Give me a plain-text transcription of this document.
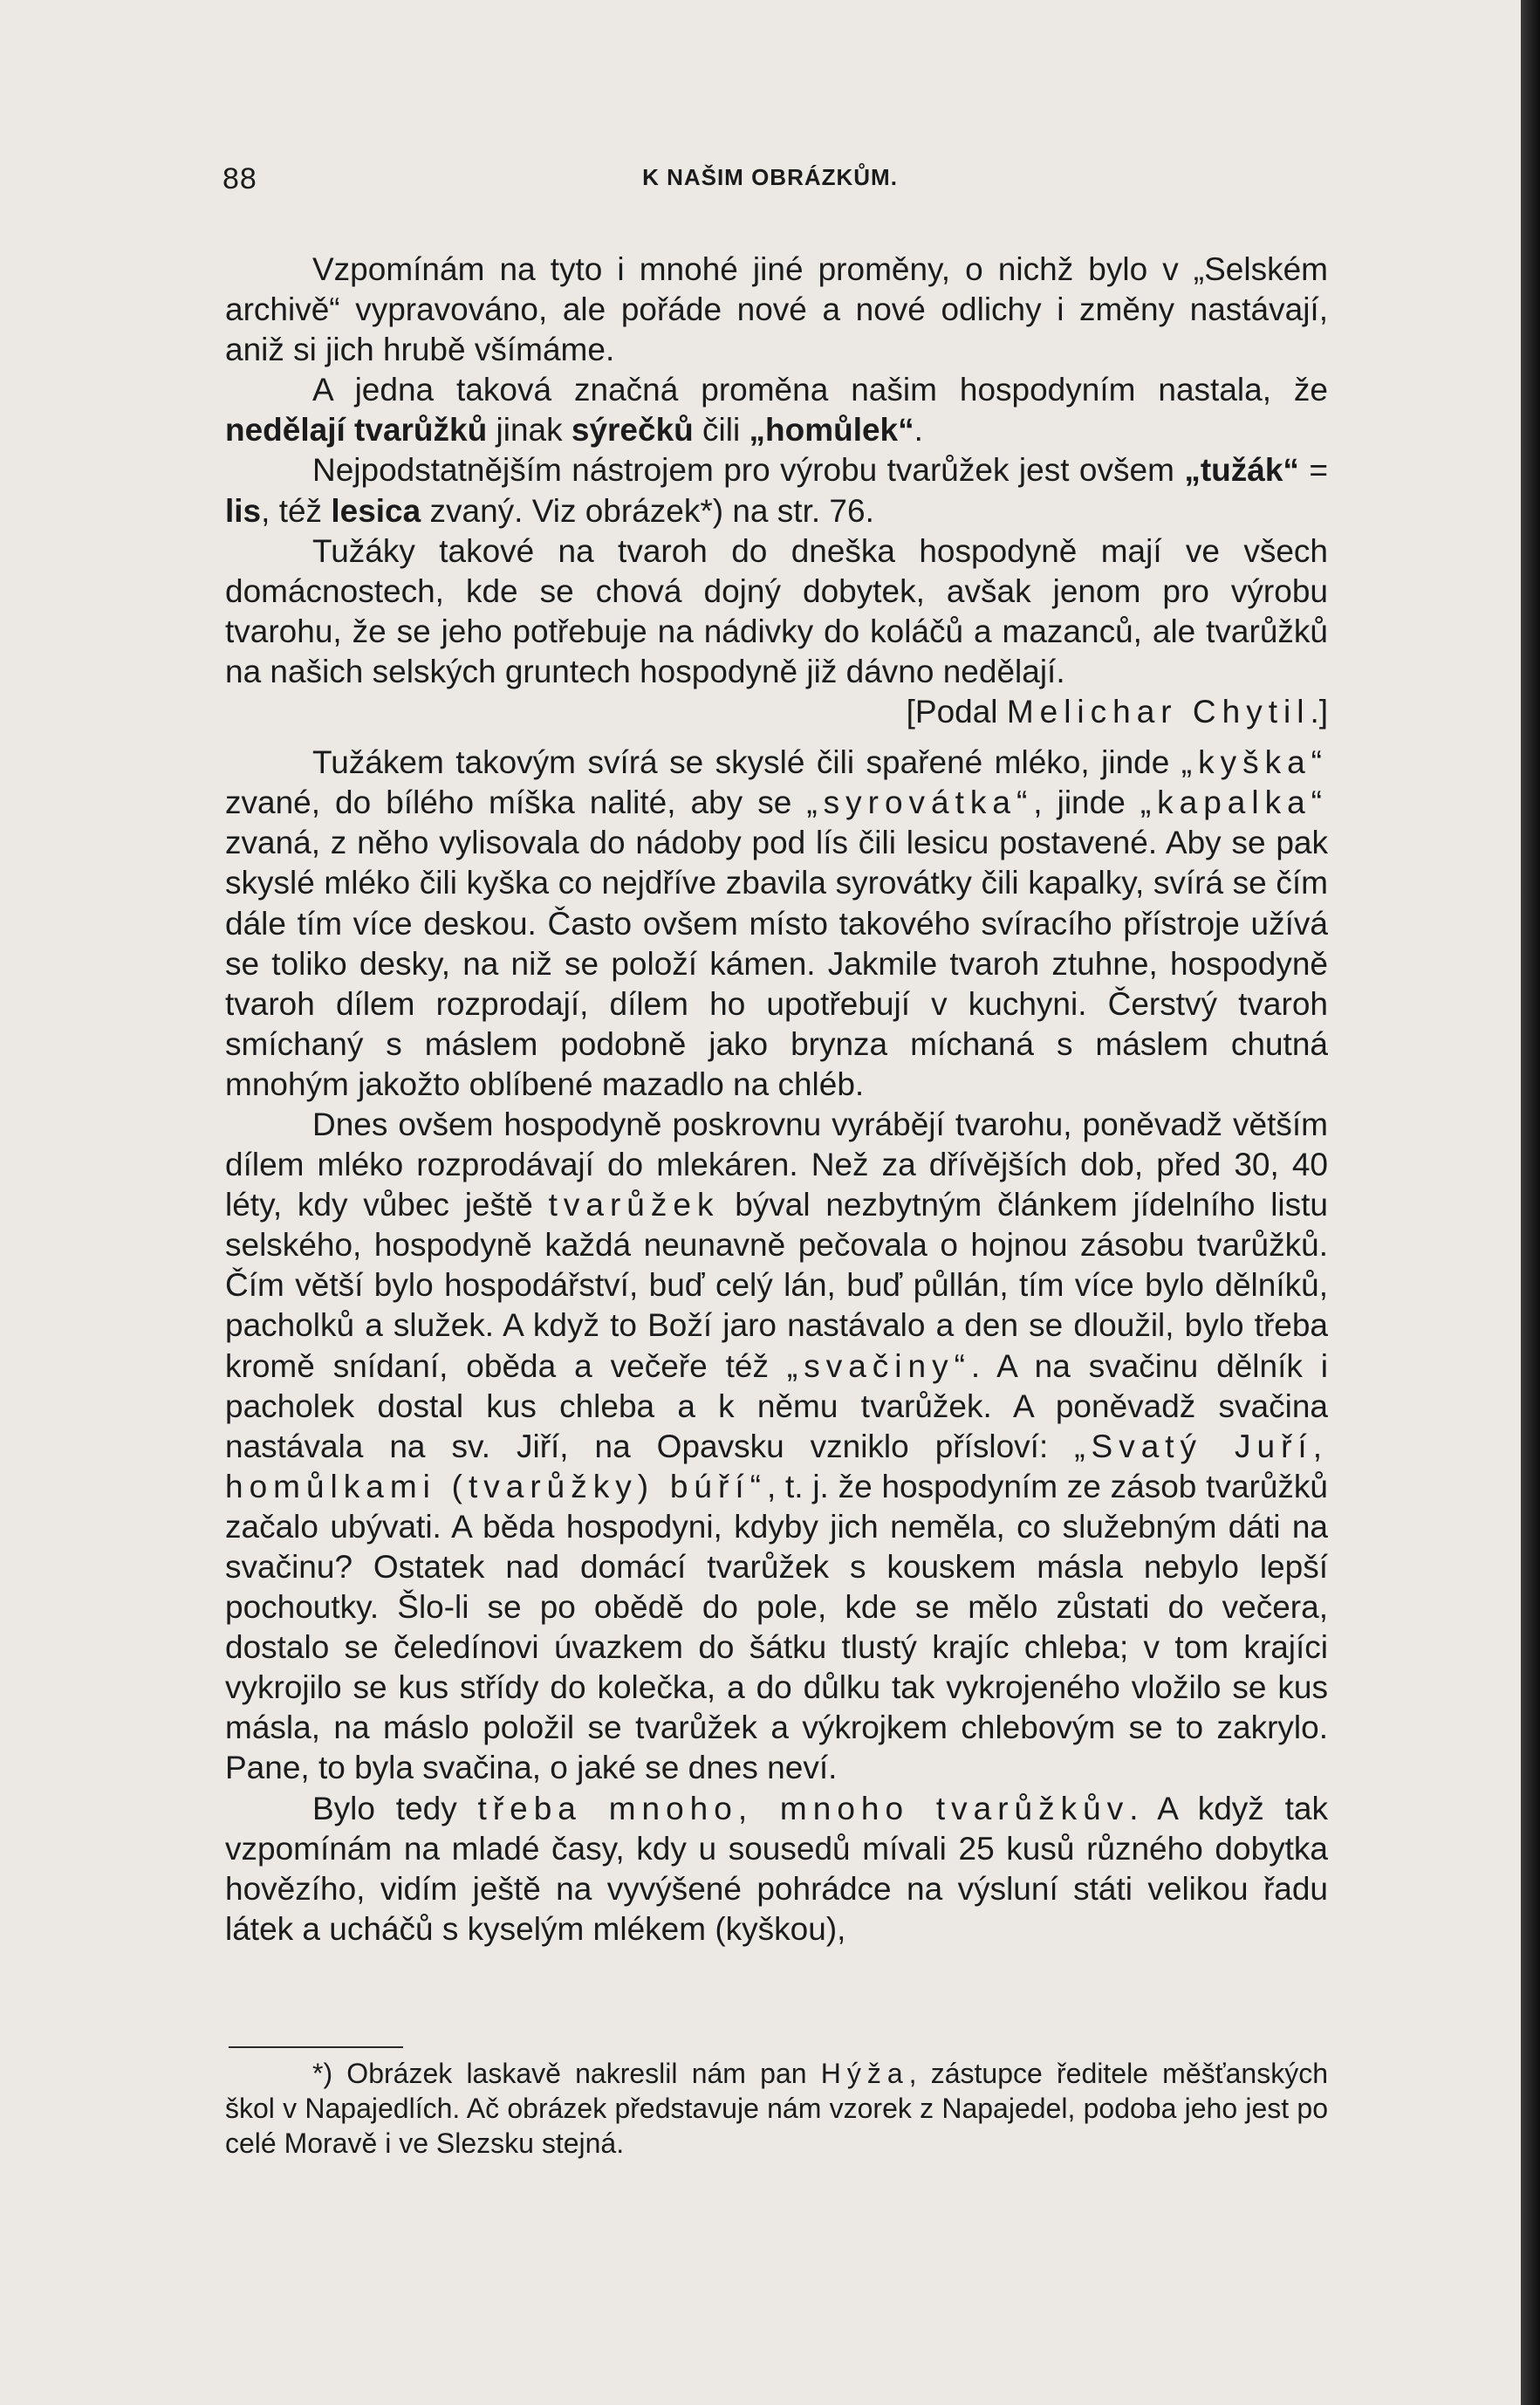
88	K NAŠIM OBRÁZKŮM.

Vzpomínám na tyto i mnohé jiné proměny, o nichž bylo v „Selském archivě“ vypravováno, ale pořáde nové a nové odlichy i změny nastávají, aniž si jich hrubě všímáme.

A jedna taková značná proměna našim hospodyním nastala, že nedělají tvarůžků jinak sýrečků čili „homůlek“.

Nejpodstatnějším nástrojem pro výrobu tvarůžek jest ovšem „tužák“ = lis, též lesica zvaný. Viz obrázek*) na str. 76.

Tužáky takové na tvaroh do dneška hospodyně mají ve všech domácnostech, kde se chová dojný dobytek, avšak jenom pro výrobu tvarohu, že se jeho potřebuje na nádivky do koláčů a mazanců, ale tvarůžků na našich selských gruntech hospodyně již dávno nedělají.

[Podal Melichar Chytil.]

Tužákem takovým svírá se skyslé čili spařené mléko, jinde „kyška“ zvané, do bílého míška nalité, aby se „syrovátka“, jinde „kapalka“ zvaná, z něho vylisovala do nádoby pod lís čili lesicu postavené. Aby se pak skyslé mléko čili kyška co nejdříve zbavila syrovátky čili kapalky, svírá se čím dále tím více deskou. Často ovšem místo takového svíracího přístroje užívá se toliko desky, na niž se položí kámen. Jakmile tvaroh ztuhne, hospodyně tvaroh dílem rozprodají, dílem ho upotřebují v kuchyni. Čerstvý tvaroh smíchaný s máslem podobně jako brynza míchaná s máslem chutná mnohým jakožto oblíbené mazadlo na chléb.

Dnes ovšem hospodyně poskrovnu vyrábějí tvarohu, poněvadž větším dílem mléko rozprodávají do mlekáren. Než za dřívějších dob, před 30, 40 léty, kdy vůbec ještě tvarůžek býval nezbytným článkem jídelního listu selského, hospodyně každá neunavně pečovala o hojnou zásobu tvarůžků. Čím větší bylo hospodářství, buď celý lán, buď půllán, tím více bylo dělníků, pacholků a služek. A když to Boží jaro nastávalo a den se dloužil, bylo třeba kromě snídaní, oběda a večeře též „svačiny“. A na svačinu dělník i pacholek dostal kus chleba a k němu tvarůžek. A poněvadž svačina nastávala na sv. Jiří, na Opavsku vzniklo přísloví: „Svatý Juří, homůlkami (tvarůžky) búří“, t. j. že hospodyním ze zásob tvarůžků začalo ubývati. A běda hospodyni, kdyby jich neměla, co služebným dáti na svačinu? Ostatek nad domácí tvarůžek s kouskem másla nebylo lepší pochoutky. Šlo-li se po obědě do pole, kde se mělo zůstati do večera, dostalo se čeledínovi úvazkem do šátku tlustý krajíc chleba; v tom krajíci vykrojilo se kus střídy do kolečka, a do důlku tak vykrojeného vložilo se kus másla, na máslo položil se tvarůžek a výkrojkem chlebovým se to zakrylo. Pane, to byla svačina, o jaké se dnes neví.

Bylo tedy třeba mnoho, mnoho tvarůžkův. A když tak vzpomínám na mladé časy, kdy u sousedů mívali 25 kusů různého dobytka hovězího, vidím ještě na vyvýšené pohrádce na výsluní státi velikou řadu látek a ucháčů s kyselým mlékem (kyškou),

*) Obrázek laskavě nakreslil nám pan Hýža, zástupce ředitele měšťanských škol v Napajedlích. Ač obrázek představuje nám vzorek z Napajedel, podoba jeho jest po celé Moravě i ve Slezsku stejná.
